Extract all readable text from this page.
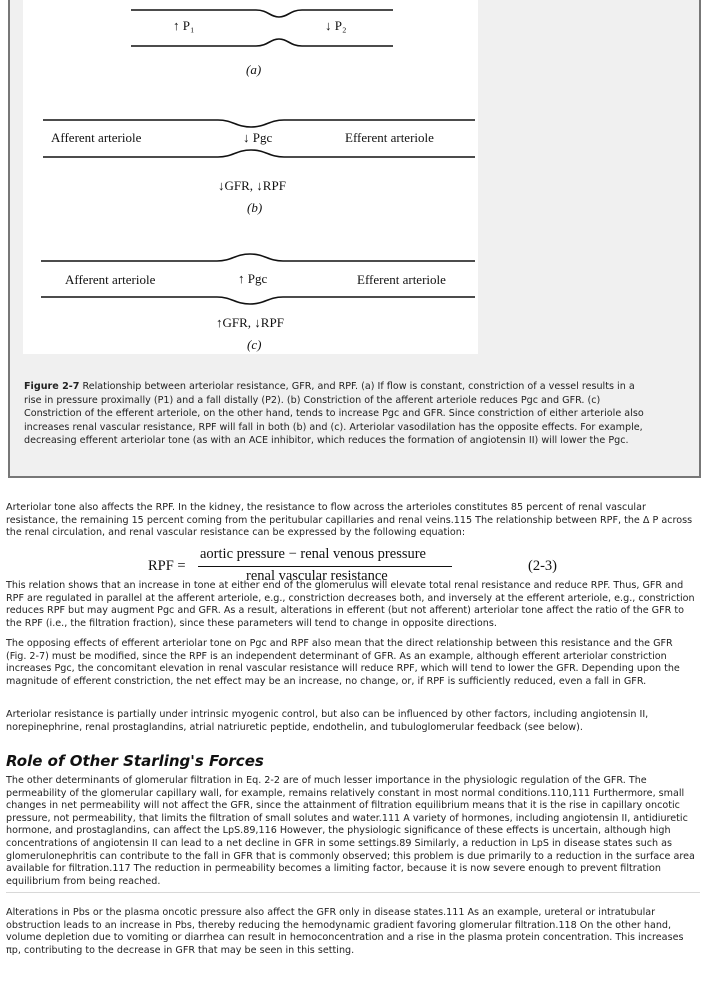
↑ P₁	↓ P₂
(a)
Afferent arteriole	↓ Pgc	Efferent arteriole
↓GFR, ↓RPF
(b)
Afferent arteriole	↑ Pgc	Efferent arteriole
↑GFR, ↓RPF
(c)
Figure 2-7 Relationship between arteriolar resistance, GFR, and RPF. (a) If flow is constant, constriction of a vessel results in a
rise in pressure proximally (P1) and a fall distally (P2). (b) Constriction of the afferent arteriole reduces Pgc and GFR. (c)
Constriction of the efferent arteriole, on the other hand, tends to increase Pgc and GFR. Since constriction of either arteriole also
increases renal vascular resistance, RPF will fall in both (b) and (c). Arteriolar vasodilation has the opposite effects. For example,
decreasing efferent arteriolar tone (as with an ACE inhibitor, which reduces the formation of angiotensin II) will lower the Pgc.

Arteriolar tone also affects the RPF. In the kidney, the resistance to flow across the arterioles constitutes 85 percent of renal vascular resistance, the remaining 15 percent coming from the peritubular capillaries and renal veins.115 The relationship between RPF, the Δ P across the renal circulation, and renal vascular resistance can be expressed by the following equation:

RPF =
aortic pressure − renal venous pressure
renal vascular resistance
(2-3)

This relation shows that an increase in tone at either end of the glomerulus will elevate total renal resistance and reduce RPF. Thus, GFR and RPF are regulated in parallel at the afferent arteriole, e.g., constriction decreases both, and inversely at the efferent arteriole, e.g., constriction reduces RPF but may augment Pgc and GFR. As a result, alterations in efferent (but not afferent) arteriolar tone affect the ratio of the GFR to the RPF (i.e., the filtration fraction), since these parameters will tend to change in opposite directions.

The opposing effects of efferent arteriolar tone on Pgc and RPF also mean that the direct relationship between this resistance and the GFR (Fig. 2-7) must be modified, since the RPF is an independent determinant of GFR. As an example, although efferent arteriolar constriction increases Pgc, the concomitant elevation in renal vascular resistance will reduce RPF, which will tend to lower the GFR. Depending upon the magnitude of efferent constriction, the net effect may be an increase, no change, or, if RPF is sufficiently reduced, even a fall in GFR.

Arteriolar resistance is partially under intrinsic myogenic control, but also can be influenced by other factors, including angiotensin II, norepinephrine, renal prostaglandins, atrial natriuretic peptide, endothelin, and tubuloglomerular feedback (see below).

Role of Other Starling's Forces

The other determinants of glomerular filtration in Eq. 2-2 are of much lesser importance in the physiologic regulation of the GFR. The permeability of the glomerular capillary wall, for example, remains relatively constant in most normal conditions.110,111 Furthermore, small changes in net permeability will not affect the GFR, since the attainment of filtration equilibrium means that it is the rise in capillary oncotic pressure, not permeability, that limits the filtration of small solutes and water.111 A variety of hormones, including angiotensin II, antidiuretic hormone, and prostaglandins, can affect the LpS.89,116 However, the physiologic significance of these effects is uncertain, although high concentrations of angiotensin II can lead to a net decline in GFR in some settings.89 Similarly, a reduction in LpS in disease states such as glomerulonephritis can contribute to the fall in GFR that is commonly observed; this problem is due primarily to a reduction in the surface area available for filtration.117 The reduction in permeability becomes a limiting factor, because it is now severe enough to prevent filtration equilibrium from being reached.

Alterations in Pbs or the plasma oncotic pressure also affect the GFR only in disease states.111 As an example, ureteral or intratubular obstruction leads to an increase in Pbs, thereby reducing the hemodynamic gradient favoring glomerular filtration.118 On the other hand, volume depletion due to vomiting or diarrhea can result in hemoconcentration and a rise in the plasma protein concentration. This increases πp, contributing to the decrease in GFR that may be seen in this setting.
